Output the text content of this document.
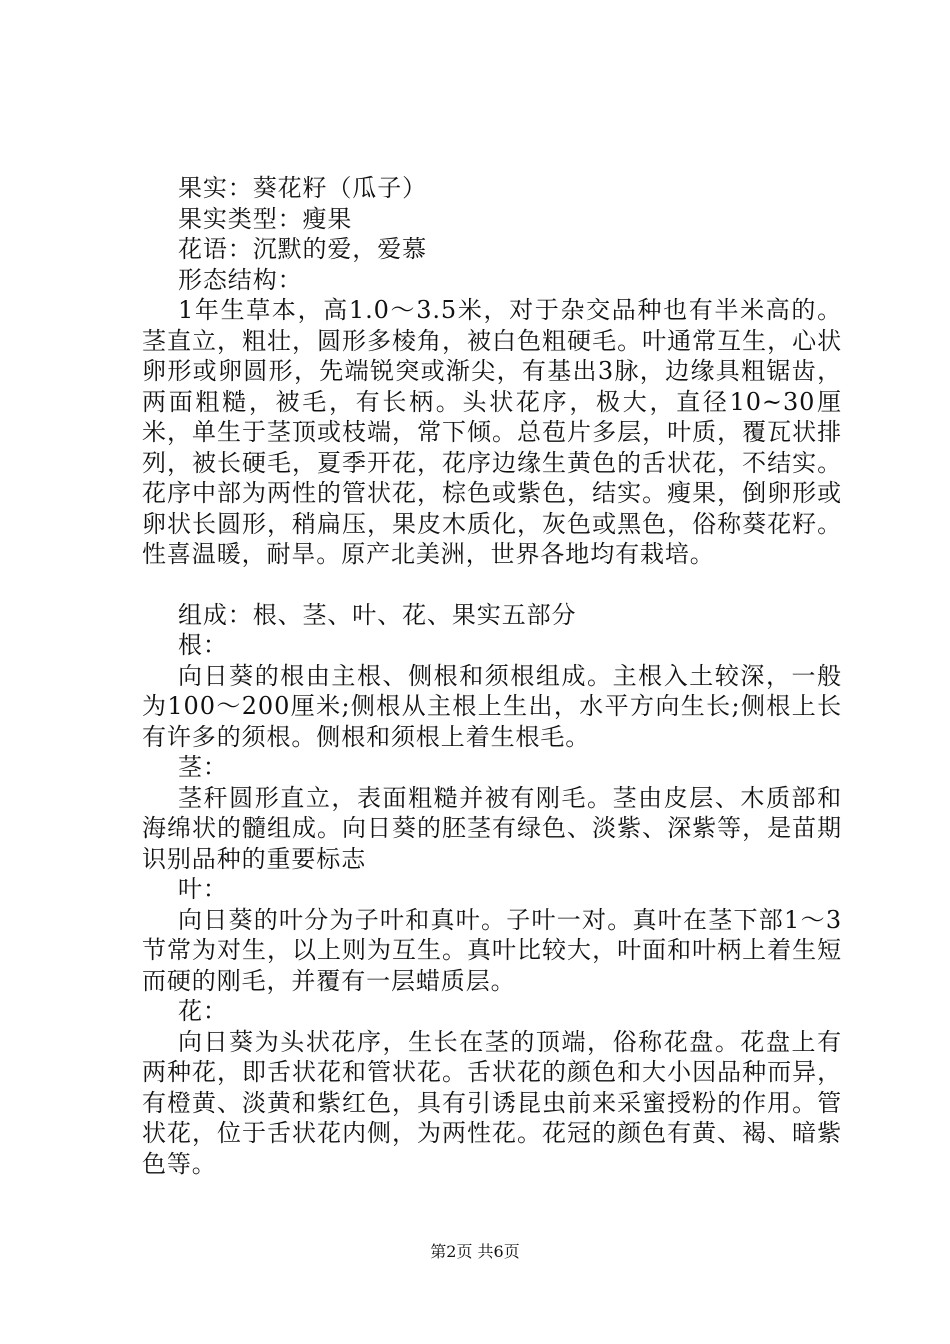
果实：葵花籽（瓜子）

果实类型：瘦果

花语：沉默的爱，爱慕

形态结构：

1年生草本，高1.0～3.5米，对于杂交品种也有半米高的。茎直立，粗壮，圆形多棱角，被白色粗硬毛。叶通常互生，心状卵形或卵圆形，先端锐突或渐尖，有基出3脉，边缘具粗锯齿，两面粗糙，被毛，有长柄。头状花序，极大，直径10~30厘米，单生于茎顶或枝端，常下倾。总苞片多层，叶质，覆瓦状排列，被长硬毛，夏季开花，花序边缘生黄色的舌状花，不结实。花序中部为两性的管状花，棕色或紫色，结实。瘦果，倒卵形或卵状长圆形，稍扁压，果皮木质化，灰色或黑色，俗称葵花籽。性喜温暖，耐旱。原产北美洲，世界各地均有栽培。

组成：根、茎、叶、花、果实五部分

根：

向日葵的根由主根、侧根和须根组成。主根入土较深，一般为100～200厘米;侧根从主根上生出，水平方向生长;侧根上长有许多的须根。侧根和须根上着生根毛。

茎：

茎秆圆形直立，表面粗糙并被有刚毛。茎由皮层、木质部和海绵状的髓组成。向日葵的胚茎有绿色、淡紫、深紫等，是苗期识别品种的重要标志

叶：

向日葵的叶分为子叶和真叶。子叶一对。真叶在茎下部1～3节常为对生，以上则为互生。真叶比较大，叶面和叶柄上着生短而硬的刚毛，并覆有一层蜡质层。

花：

向日葵为头状花序，生长在茎的顶端，俗称花盘。花盘上有两种花，即舌状花和管状花。舌状花的颜色和大小因品种而异，有橙黄、淡黄和紫红色，具有引诱昆虫前来采蜜授粉的作用。管状花，位于舌状花内侧，为两性花。花冠的颜色有黄、褐、暗紫色等。

第2页 共6页
